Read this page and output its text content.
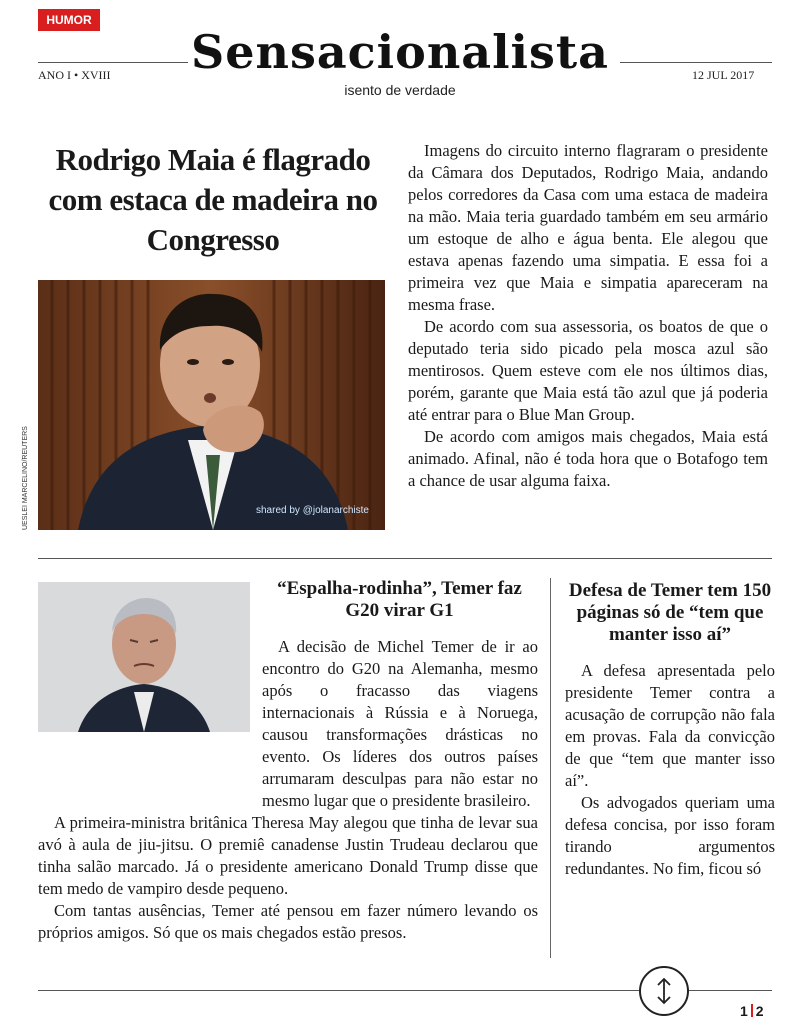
HUMOR
ANO I • XVIII	12 JUL 2017
Sensacionalista
isento de verdade
Rodrigo Maia é flagrado com estaca de madeira no Congresso
UESLEI MARCELINO/REUTERS	shared by @jolanarchiste

Imagens do circuito interno flagraram o presidente da Câmara dos Deputados, Rodrigo Maia, andando pelos corredores da Casa com uma estaca de madeira na mão. Maia teria guardado também em seu armário um estoque de alho e água benta. Ele alegou que estava apenas fazendo uma simpatia. E essa foi a primeira vez que Maia e simpatia apareceram na mesma frase.

De acordo com sua assessoria, os boatos de que o deputado teria sido picado pela mosca azul são mentirosos. Quem esteve com ele nos últimos dias, porém, garante que Maia está tão azul que já poderia até entrar para o Blue Man Group.

De acordo com amigos mais chegados, Maia está animado. Afinal, não é toda hora que o Botafogo tem a chance de usar alguma faixa.

“Espalha-rodinha”, Temer faz G20 virar G1

A decisão de Michel Temer de ir ao encontro do G20 na Alemanha, mesmo após o fracasso das viagens internacionais à Rússia e à Noruega, causou transformações drásticas no evento. Os líderes dos outros países arrumaram desculpas para não estar no mesmo lugar que o presidente brasileiro.

A primeira-ministra britânica Theresa May alegou que tinha de levar sua avó à aula de jiu-jitsu. O premiê canadense Justin Trudeau declarou que tinha salão marcado. Já o presidente americano Donald Trump disse que tem medo de vampiro desde pequeno.

Com tantas ausências, Temer até pensou em fazer número levando os próprios amigos. Só que os mais chegados estão presos.

Defesa de Temer tem 150 páginas só de “tem que manter isso aí”

A defesa apresentada pelo presidente Temer contra a acusação de corrupção não fala em provas. Fala da convicção de que “tem que manter isso aí”.

Os advogados queriam uma defesa concisa, por isso foram tirando argumentos redundantes. No fim, ficou só

1 2
